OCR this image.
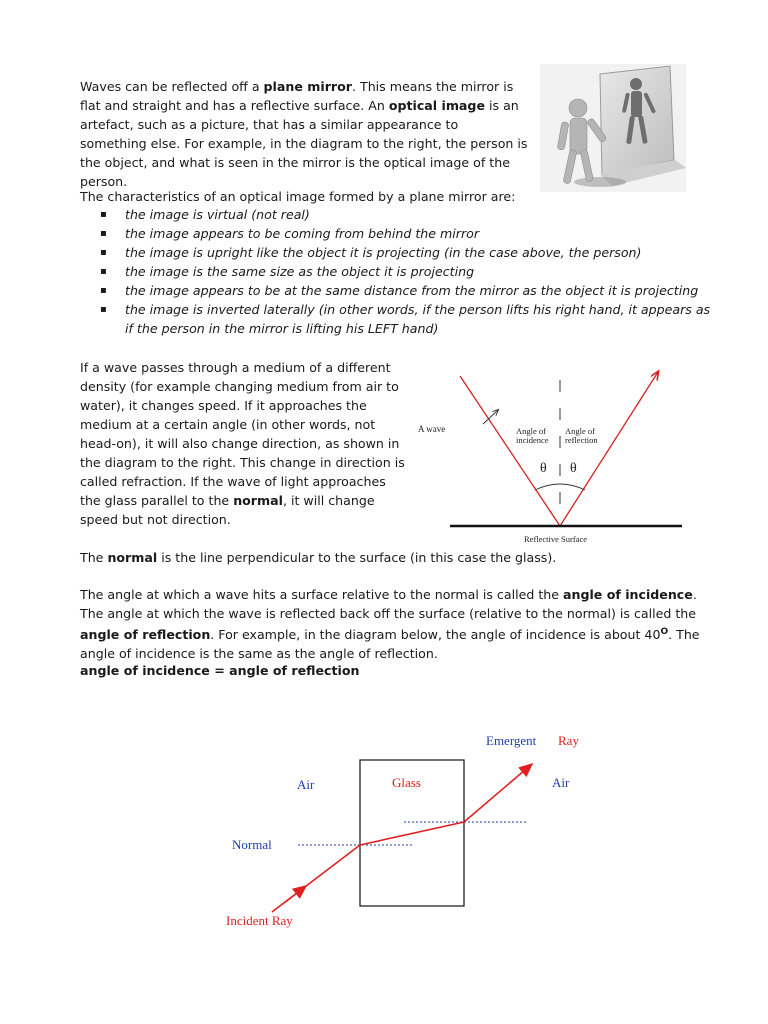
Waves can be reflected off a plane mirror. This means the mirror is flat and straight and has a reflective surface. An optical image is an artefact, such as a picture, that has a similar appearance to something else. For example, in the diagram to the right, the person is the object, and what is seen in the mirror is the optical image of the person.
The characteristics of an optical image formed by a plane mirror are:
▪ the image is virtual (not real)
▪ the image appears to be coming from behind the mirror
▪ the image is upright like the object it is projecting (in the case above, the person)
▪ the image is the same size as the object it is projecting
▪ the image appears to be at the same distance from the mirror as the object it is projecting
▪ the image is inverted laterally (in other words, if the person lifts his right hand, it appears as if the person in the mirror is lifting his LEFT hand)
If a wave passes through a medium of a different density (for example changing medium from air to water), it changes speed. If it approaches the medium at a certain angle (in other words, not head-on), it will also change direction, as shown in the diagram to the right. This change in direction is called refraction. If the wave of light approaches the glass parallel to the normal, it will change speed but not direction.
A wave	Angle of
incidence
Angle of
reflection
θ θ
Reflective Surface
The normal is the line perpendicular to the surface (in this case the glass).
The angle at which a wave hits a surface relative to the normal is called the angle of incidence. The angle at which the wave is reflected back off the surface (relative to the normal) is called the angle of reflection. For example, in the diagram below, the angle of incidence is about $40^O$. The angle of incidence is the same as the angle of reflection.
angle of incidence = angle of reflection
Emergent Ray
Air	Glass	Air
Normal
Incident Ray
